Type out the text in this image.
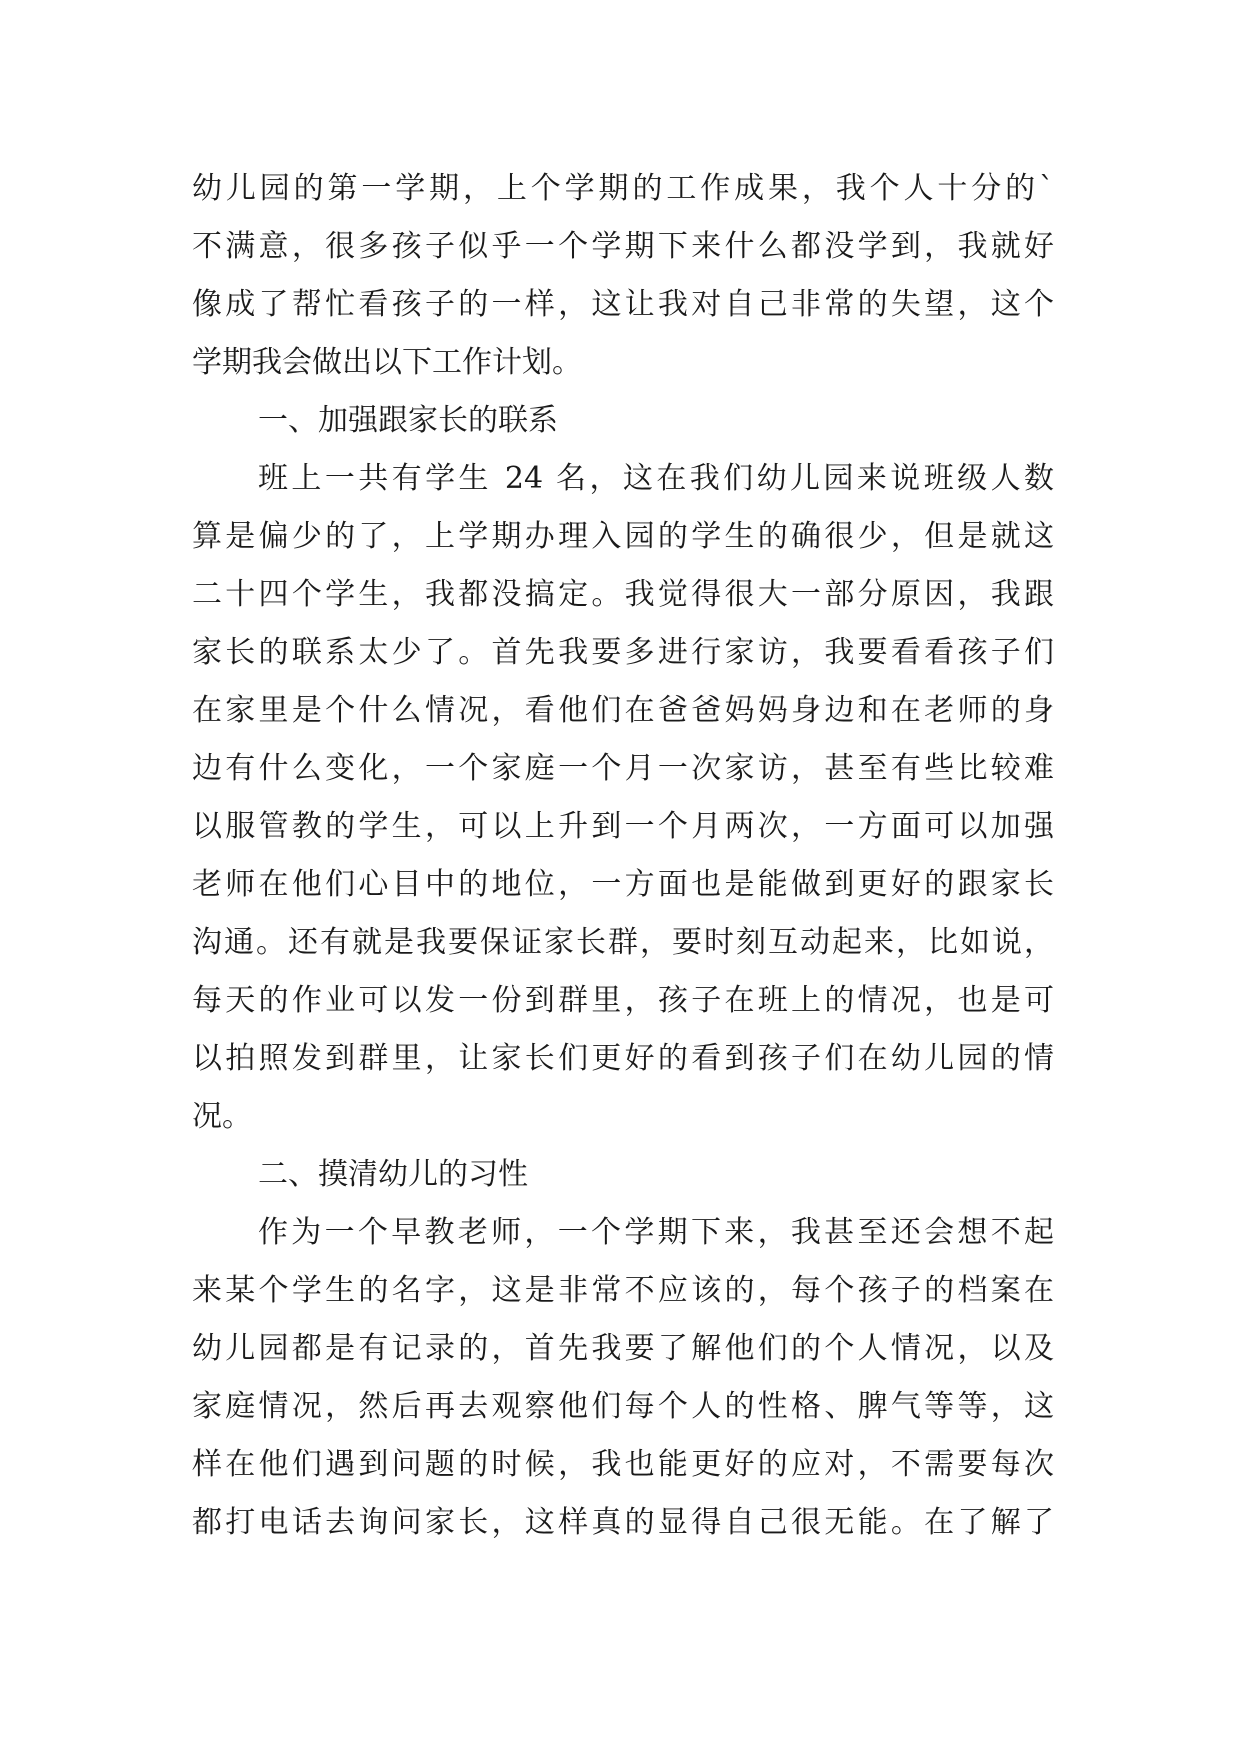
幼儿园的第一学期，上个学期的工作成果，我个人十分的`
不满意，很多孩子似乎一个学期下来什么都没学到，我就好
像成了帮忙看孩子的一样，这让我对自己非常的失望，这个
学期我会做出以下工作计划。
一、加强跟家长的联系
班上一共有学生 24 名，这在我们幼儿园来说班级人数
算是偏少的了，上学期办理入园的学生的确很少，但是就这
二十四个学生，我都没搞定。我觉得很大一部分原因，我跟
家长的联系太少了。首先我要多进行家访，我要看看孩子们
在家里是个什么情况，看他们在爸爸妈妈身边和在老师的身
边有什么变化，一个家庭一个月一次家访，甚至有些比较难
以服管教的学生，可以上升到一个月两次，一方面可以加强
老师在他们心目中的地位，一方面也是能做到更好的跟家长
沟通。还有就是我要保证家长群，要时刻互动起来，比如说，
每天的作业可以发一份到群里，孩子在班上的情况，也是可
以拍照发到群里，让家长们更好的看到孩子们在幼儿园的情
况。
二、摸清幼儿的习性
作为一个早教老师，一个学期下来，我甚至还会想不起
来某个学生的名字，这是非常不应该的，每个孩子的档案在
幼儿园都是有记录的，首先我要了解他们的个人情况，以及
家庭情况，然后再去观察他们每个人的性格、脾气等等，这
样在他们遇到问题的时候，我也能更好的应对，不需要每次
都打电话去询问家长，这样真的显得自己很无能。在了解了
